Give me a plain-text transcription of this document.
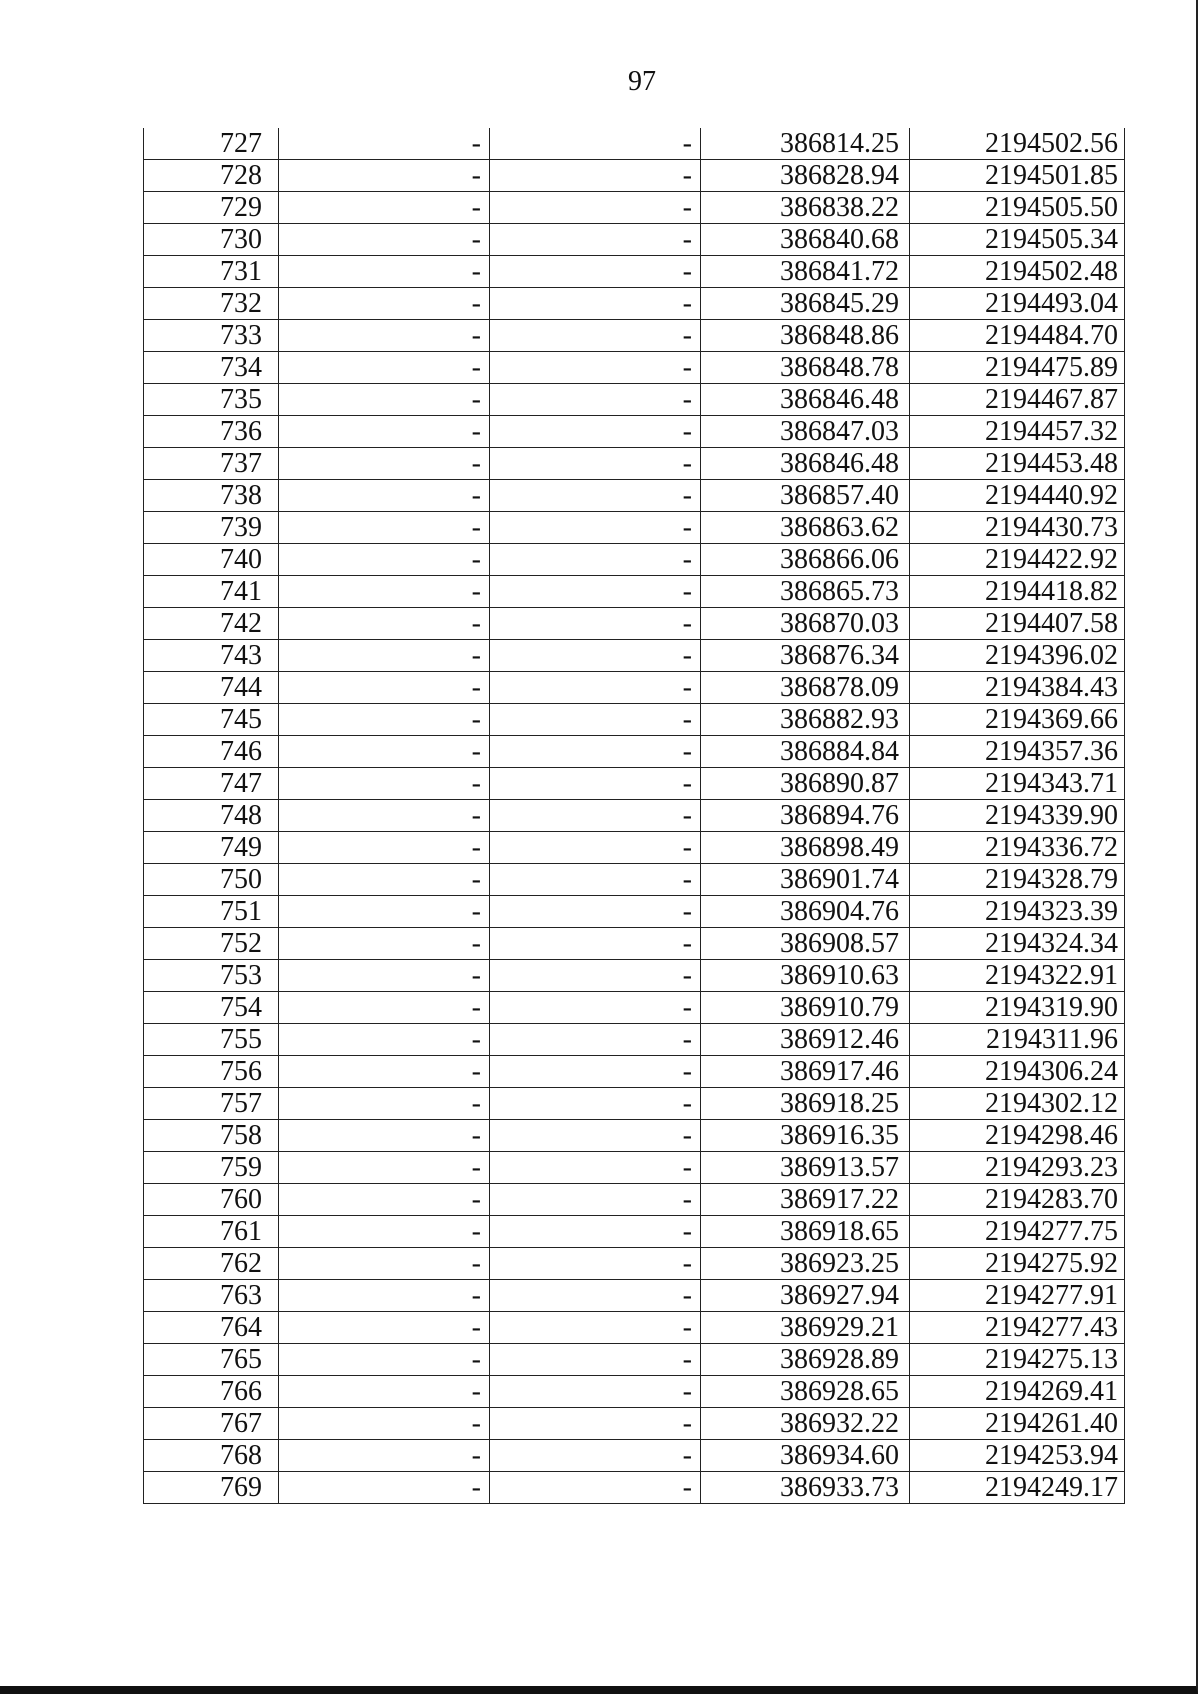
97
727	-	-	386814.25	2194502.56
728	-	-	386828.94	2194501.85
729	-	-	386838.22	2194505.50
730	-	-	386840.68	2194505.34
731	-	-	386841.72	2194502.48
732	-	-	386845.29	2194493.04
733	-	-	386848.86	2194484.70
734	-	-	386848.78	2194475.89
735	-	-	386846.48	2194467.87
736	-	-	386847.03	2194457.32
737	-	-	386846.48	2194453.48
738	-	-	386857.40	2194440.92
739	-	-	386863.62	2194430.73
740	-	-	386866.06	2194422.92
741	-	-	386865.73	2194418.82
742	-	-	386870.03	2194407.58
743	-	-	386876.34	2194396.02
744	-	-	386878.09	2194384.43
745	-	-	386882.93	2194369.66
746	-	-	386884.84	2194357.36
747	-	-	386890.87	2194343.71
748	-	-	386894.76	2194339.90
749	-	-	386898.49	2194336.72
750	-	-	386901.74	2194328.79
751	-	-	386904.76	2194323.39
752	-	-	386908.57	2194324.34
753	-	-	386910.63	2194322.91
754	-	-	386910.79	2194319.90
755	-	-	386912.46	2194311.96
756	-	-	386917.46	2194306.24
757	-	-	386918.25	2194302.12
758	-	-	386916.35	2194298.46
759	-	-	386913.57	2194293.23
760	-	-	386917.22	2194283.70
761	-	-	386918.65	2194277.75
762	-	-	386923.25	2194275.92
763	-	-	386927.94	2194277.91
764	-	-	386929.21	2194277.43
765	-	-	386928.89	2194275.13
766	-	-	386928.65	2194269.41
767	-	-	386932.22	2194261.40
768	-	-	386934.60	2194253.94
769	-	-	386933.73	2194249.17
